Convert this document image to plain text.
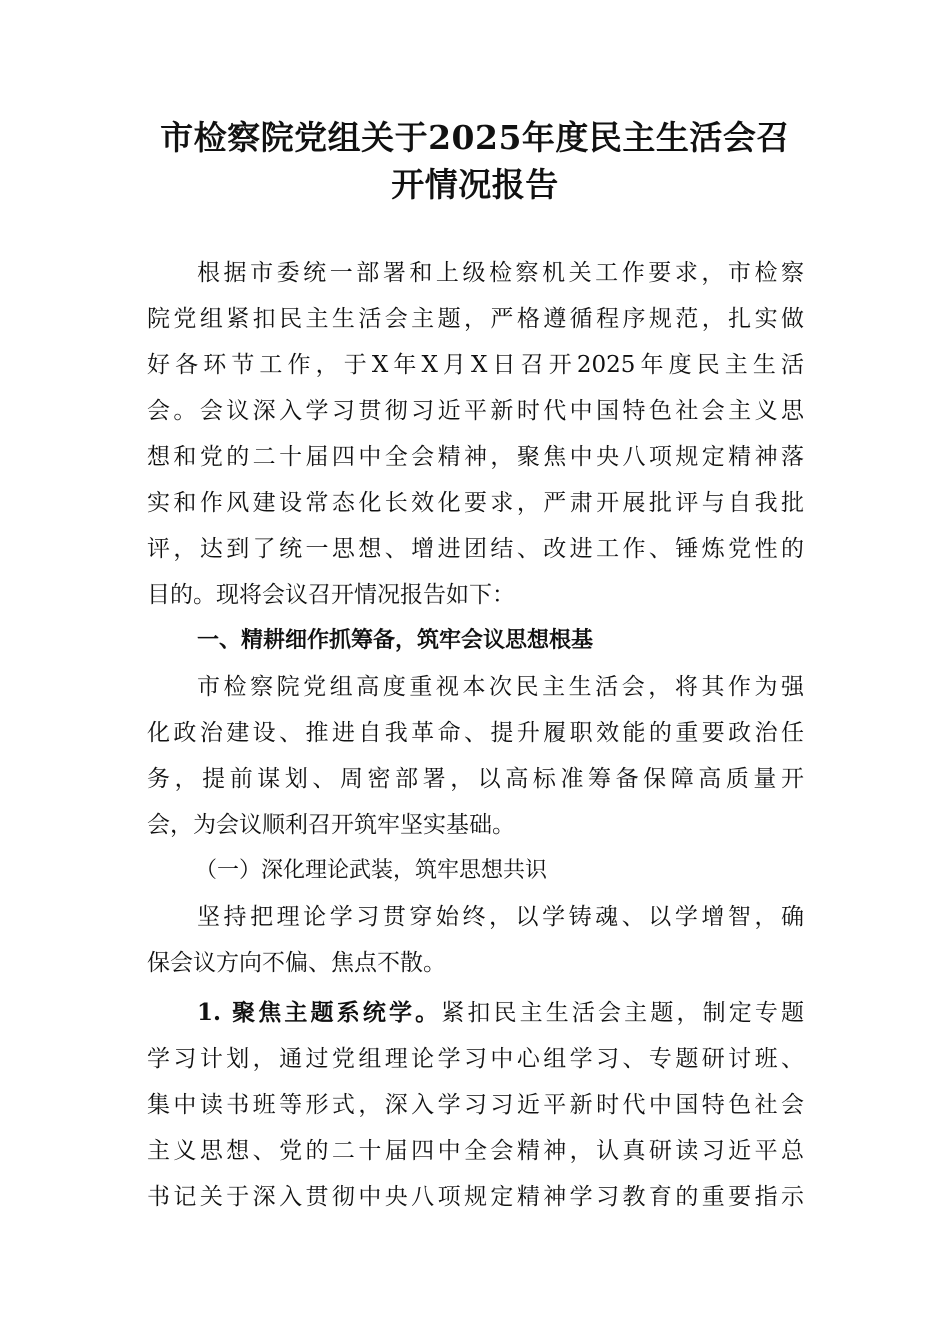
市检察院党组关于2025年度民主生活会召
开情况报告
根据市委统一部署和上级检察机关工作要求，市检察
院党组紧扣民主生活会主题，严格遵循程序规范，扎实做
好各环节工作，于X年X月X日召开2025年度民主生活
会。会议深入学习贯彻习近平新时代中国特色社会主义思
想和党的二十届四中全会精神，聚焦中央八项规定精神落
实和作风建设常态化长效化要求，严肃开展批评与自我批
评，达到了统一思想、增进团结、改进工作、锤炼党性的
目的。现将会议召开情况报告如下：
一、精耕细作抓筹备，筑牢会议思想根基
市检察院党组高度重视本次民主生活会，将其作为强
化政治建设、推进自我革命、提升履职效能的重要政治任
务，提前谋划、周密部署，以高标准筹备保障高质量开
会，为会议顺利召开筑牢坚实基础。
（一）深化理论武装，筑牢思想共识
坚持把理论学习贯穿始终，以学铸魂、以学增智，确
保会议方向不偏、焦点不散。
1. 聚焦主题系统学。紧扣民主生活会主题，制定专题
学习计划，通过党组理论学习中心组学习、专题研讨班、
集中读书班等形式，深入学习习近平新时代中国特色社会
主义思想、党的二十届四中全会精神，认真研读习近平总
书记关于深入贯彻中央八项规定精神学习教育的重要指示
